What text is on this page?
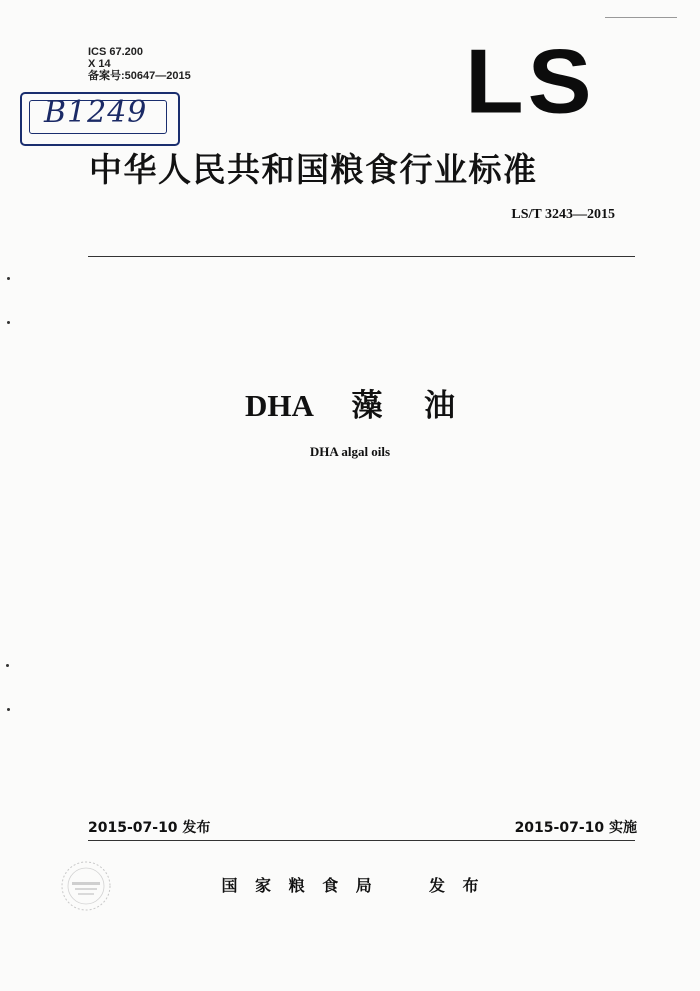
ICS 67.200
X 14
备案号:50647—2015	LS
B1249
中华人民共和国粮食行业标准
LS/T 3243—2015
DHA 藻 油
DHA algal oils
2015-07-10 发布	2015-07-10 实施
国 家 粮 食 局	发 布
